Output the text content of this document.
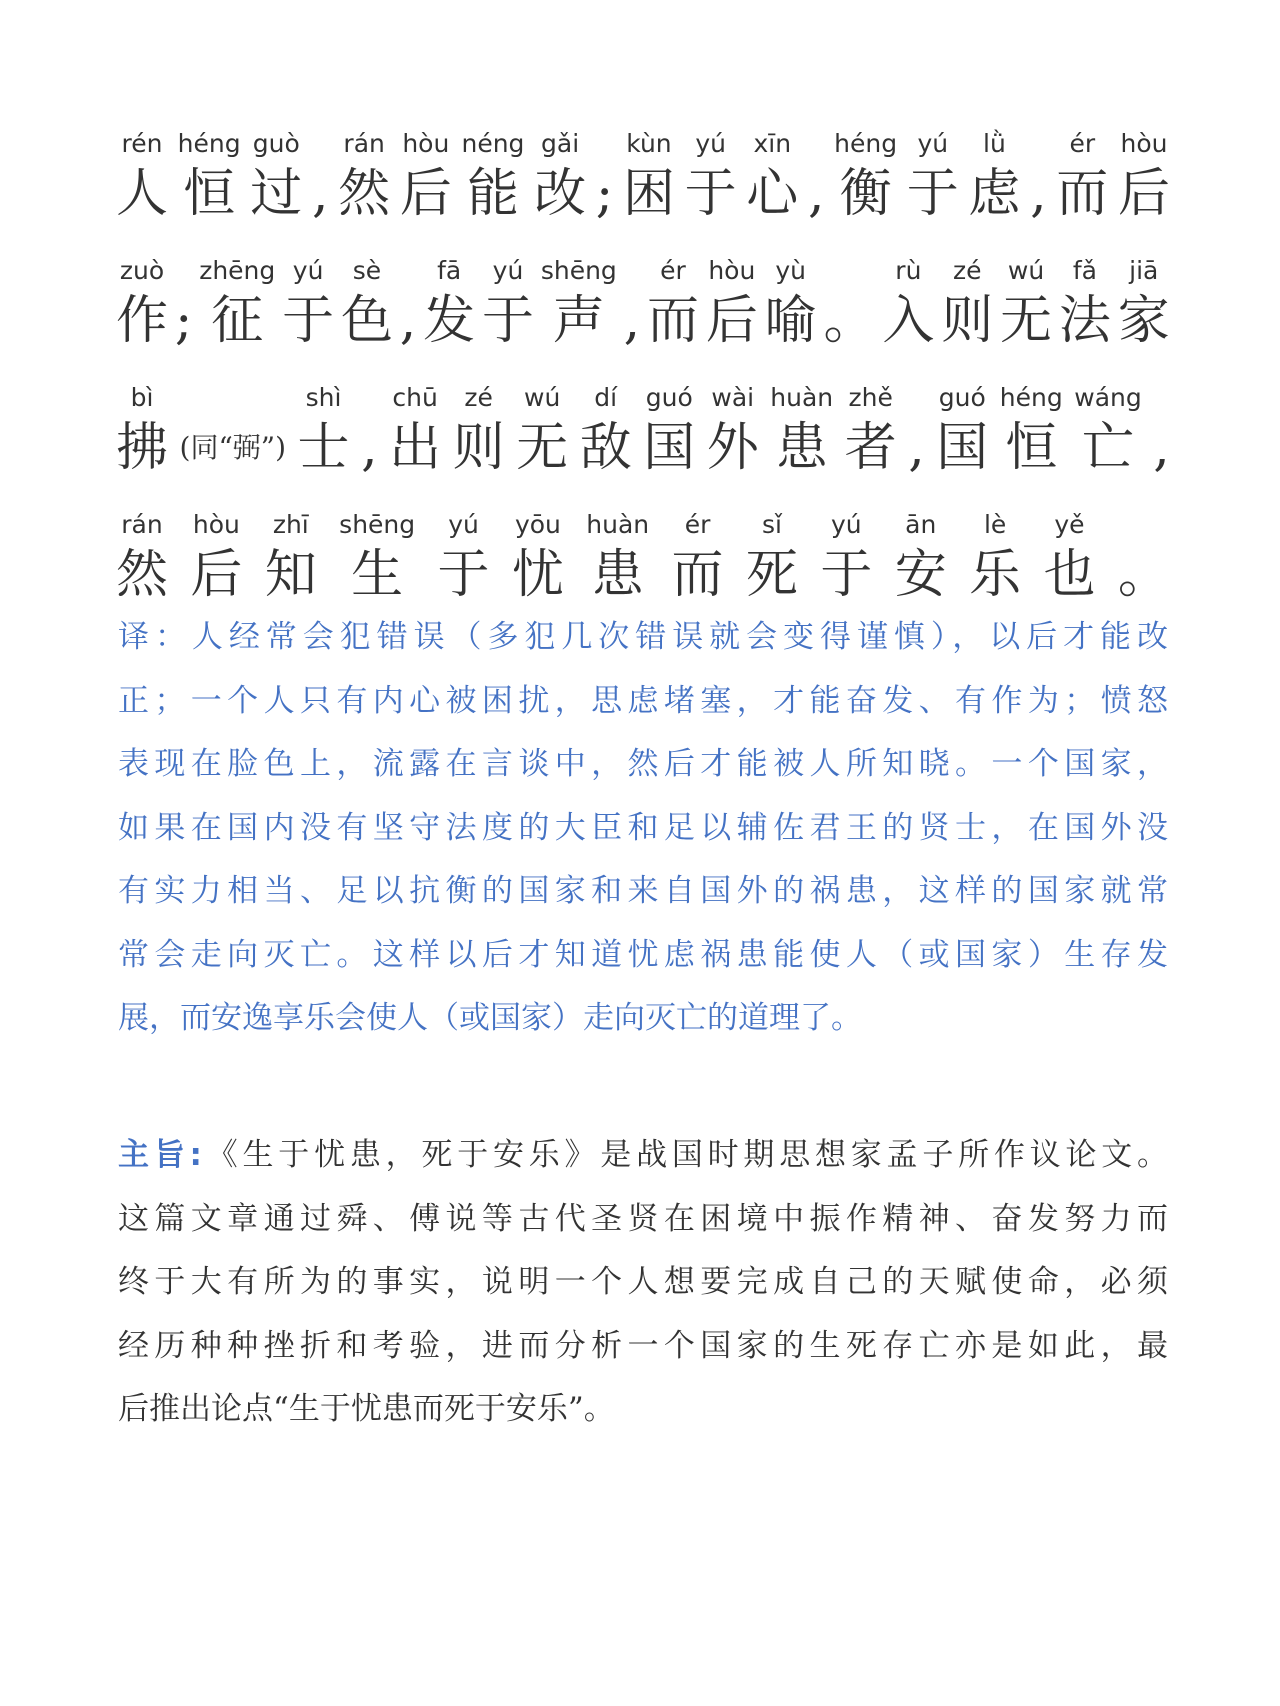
rén
人
héng
恒
guò
过 ,
rán
然
hòu
后
néng
能
gǎi
改 ;
kùn
困
yú
于
xīn
心 ,
héng
衡
yú
于
lǜ
虑 ,
ér
而
hòu
后
zuò
作 ;
zhēng
征
yú
于
sè
色 ,
fā
发
yú
于
shēng
声 ,
ér
而
hòu
后
yù
喻 。
rù
入
zé
则
wú
无
fǎ
法
jiā
家
bì
拂 (同“弼”)
shì
士 ,
chū
出
zé
则
wú
无
dí
敌
guó
国
wài
外
huàn
患
zhě
者 ,
guó
国
héng
恒
wáng
亡 ,
rán
然
hòu
后
zhī
知
shēng
生
yú
于
yōu
忧
huàn
患
ér
而
sǐ
死
yú
于
ān
安
lè
乐
yě
也 。
译：人经常会犯错误（多犯几次错误就会变得谨慎），以后才能改
正；一个人只有内心被困扰，思虑堵塞，才能奋发、有作为；愤怒
表现在脸色上，流露在言谈中，然后才能被人所知晓。一个国家，
如果在国内没有坚守法度的大臣和足以辅佐君王的贤士，在国外没
有实力相当、足以抗衡的国家和来自国外的祸患，这样的国家就常
常会走向灭亡。这样以后才知道忧虑祸患能使人（或国家）生存发
展，而安逸享乐会使人（或国家）走向灭亡的道理了。
主旨:《生于忧患，死于安乐》是战国时期思想家孟子所作议论文。
这篇文章通过舜、傅说等古代圣贤在困境中振作精神、奋发努力而
终于大有所为的事实，说明一个人想要完成自己的天赋使命，必须
经历种种挫折和考验，进而分析一个国家的生死存亡亦是如此，最
后推出论点“生于忧患而死于安乐”。
